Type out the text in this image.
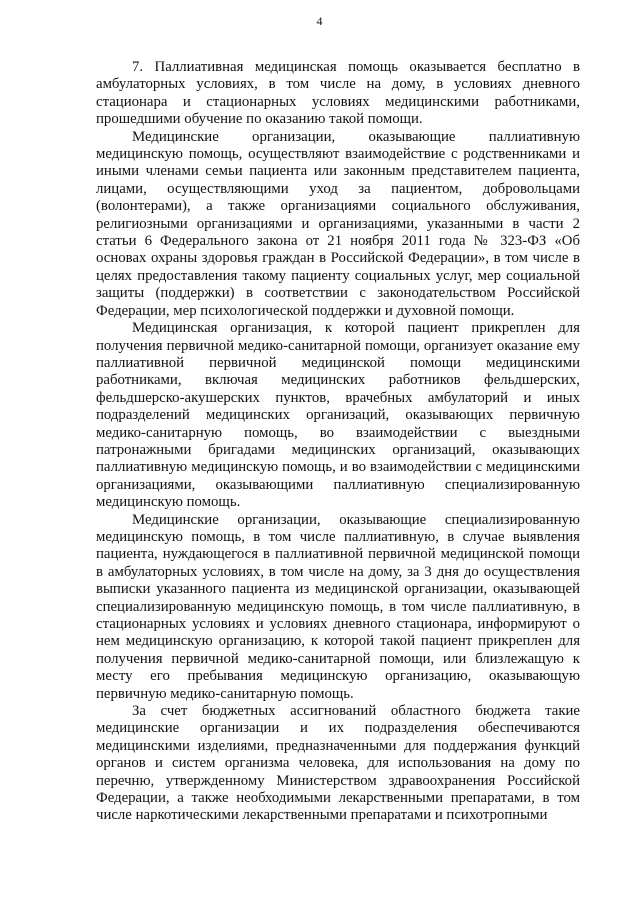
4

7. Паллиативная медицинская помощь оказывается бесплатно в амбулаторных условиях, в том числе на дому, в условиях дневного стационара и стационарных условиях медицинскими работниками, прошедшими обучение по оказанию такой помощи.

Медицинские организации, оказывающие паллиативную медицинскую помощь, осуществляют взаимодействие с родственниками и иными членами семьи пациента или законным представителем пациента, лицами, осуществляющими уход за пациентом, добровольцами (волонтерами), а также организациями социального обслуживания, религиозными организациями и организациями, указанными в части 2 статьи 6 Федерального закона от 21 ноября 2011 года № 323-ФЗ «Об основах охраны здоровья граждан в Российской Федерации», в том числе в целях предоставления такому пациенту социальных услуг, мер социальной защиты (поддержки) в соответствии с законодательством Российской Федерации, мер психологической поддержки и духовной помощи.

Медицинская организация, к которой пациент прикреплен для получения первичной медико-санитарной помощи, организует оказание ему паллиативной первичной медицинской помощи медицинскими работниками, включая медицинских работников фельдшерских, фельдшерско-акушерских пунктов, врачебных амбулаторий и иных подразделений медицинских организаций, оказывающих первичную медико-санитарную помощь, во взаимодействии с выездными патронажными бригадами медицинских организаций, оказывающих паллиативную медицинскую помощь, и во взаимодействии с медицинскими организациями, оказывающими паллиативную специализированную медицинскую помощь.

Медицинские организации, оказывающие специализированную медицинскую помощь, в том числе паллиативную, в случае выявления пациента, нуждающегося в паллиативной первичной медицинской помощи в амбулаторных условиях, в том числе на дому, за 3 дня до осуществления выписки указанного пациента из медицинской организации, оказывающей специализированную медицинскую помощь, в том числе паллиативную, в стационарных условиях и условиях дневного стационара, информируют о нем медицинскую организацию, к которой такой пациент прикреплен для получения первичной медико-санитарной помощи, или близлежащую к месту его пребывания медицинскую организацию, оказывающую первичную медико-санитарную помощь.

За счет бюджетных ассигнований областного бюджета такие медицинские организации и их подразделения обеспечиваются медицинскими изделиями, предназначенными для поддержания функций органов и систем организма человека, для использования на дому по перечню, утвержденному Министерством здравоохранения Российской Федерации, а также необходимыми лекарственными препаратами, в том числе наркотическими лекарственными препаратами и психотропными
